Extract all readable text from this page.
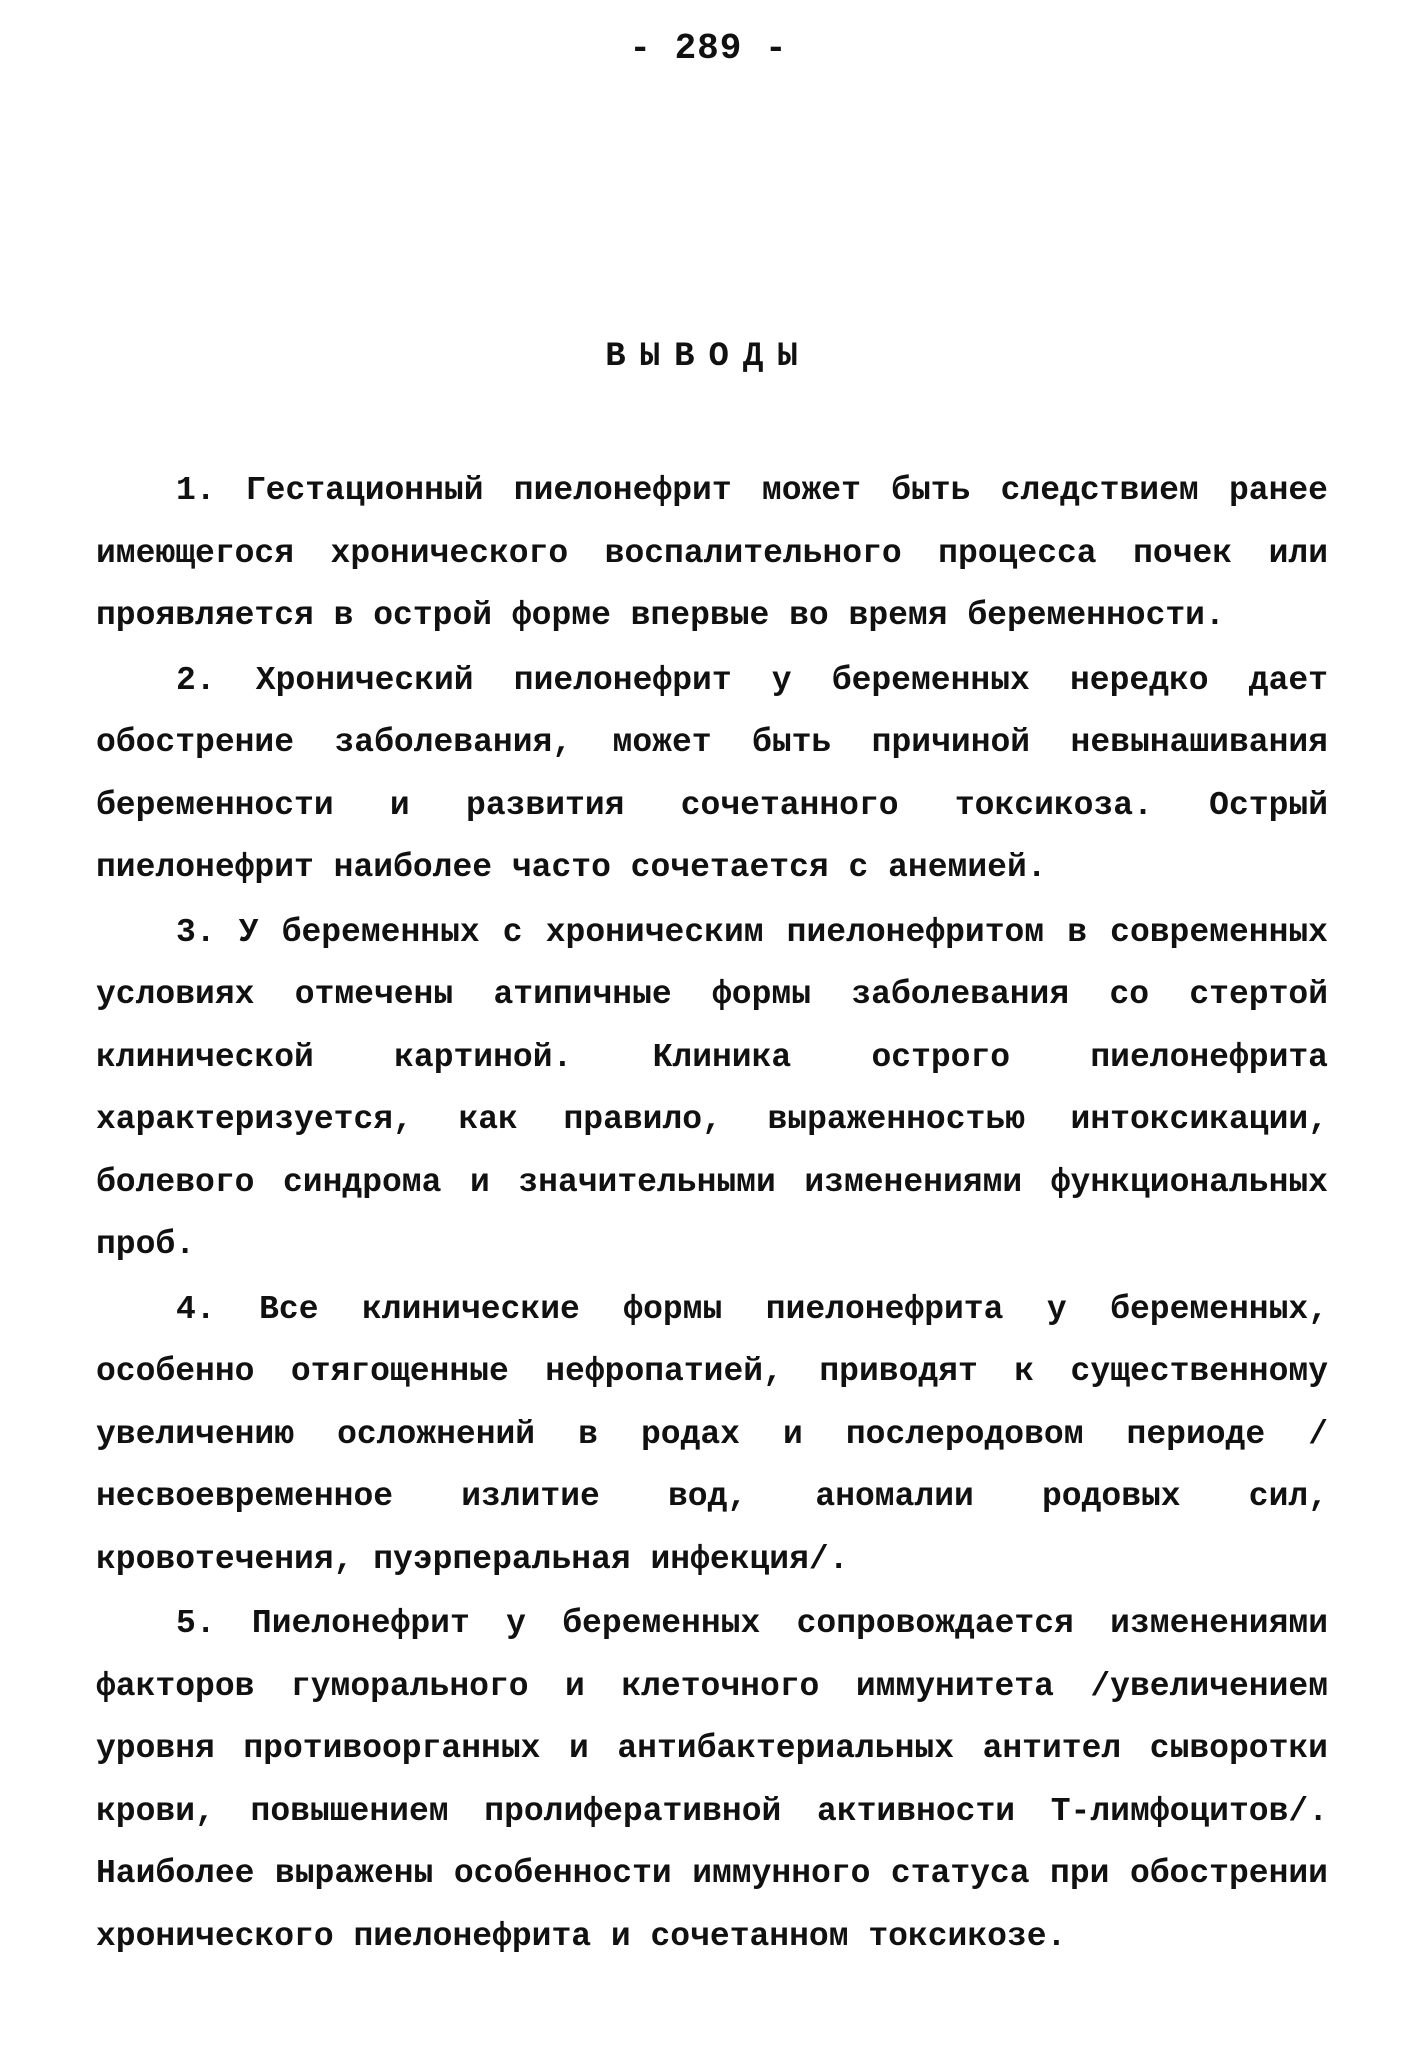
- 289 -
ВЫВОДЫ

1. Гестационный пиелонефрит может быть следствием ранее имеющегося хронического воспалительного процесса почек или проявляется в острой форме впервые во время беременности.

2. Хронический пиелонефрит у беременных нередко дает обострение заболевания, может быть причиной невынашивания беременности и развития сочетанного токсикоза. Острый пиелонефрит наиболее часто сочетается с анемией.

3. У беременных с хроническим пиелонефритом в современных условиях отмечены атипичные формы заболевания со стертой клинической картиной. Клиника острого пиелонефрита характеризуется, как правило, выраженностью интоксикации, болевого синдрома и значительными изменениями функциональных проб.

4. Все клинические формы пиелонефрита у беременных, особенно отягощенные нефропатией, приводят к существенному увеличению осложнений в родах и послеродовом периоде /несвоевременное излитие вод, аномалии родовых сил, кровотечения, пуэрперальная инфекция/.

5. Пиелонефрит у беременных сопровождается изменениями факторов гуморального и клеточного иммунитета /увеличением уровня противоорганных и антибактериальных антител сыворотки крови, повышением пролиферативной активности Т-лимфоцитов/. Наиболее выражены особенности иммунного статуса при обострении хронического пиелонефрита и сочетанном токсикозе.
